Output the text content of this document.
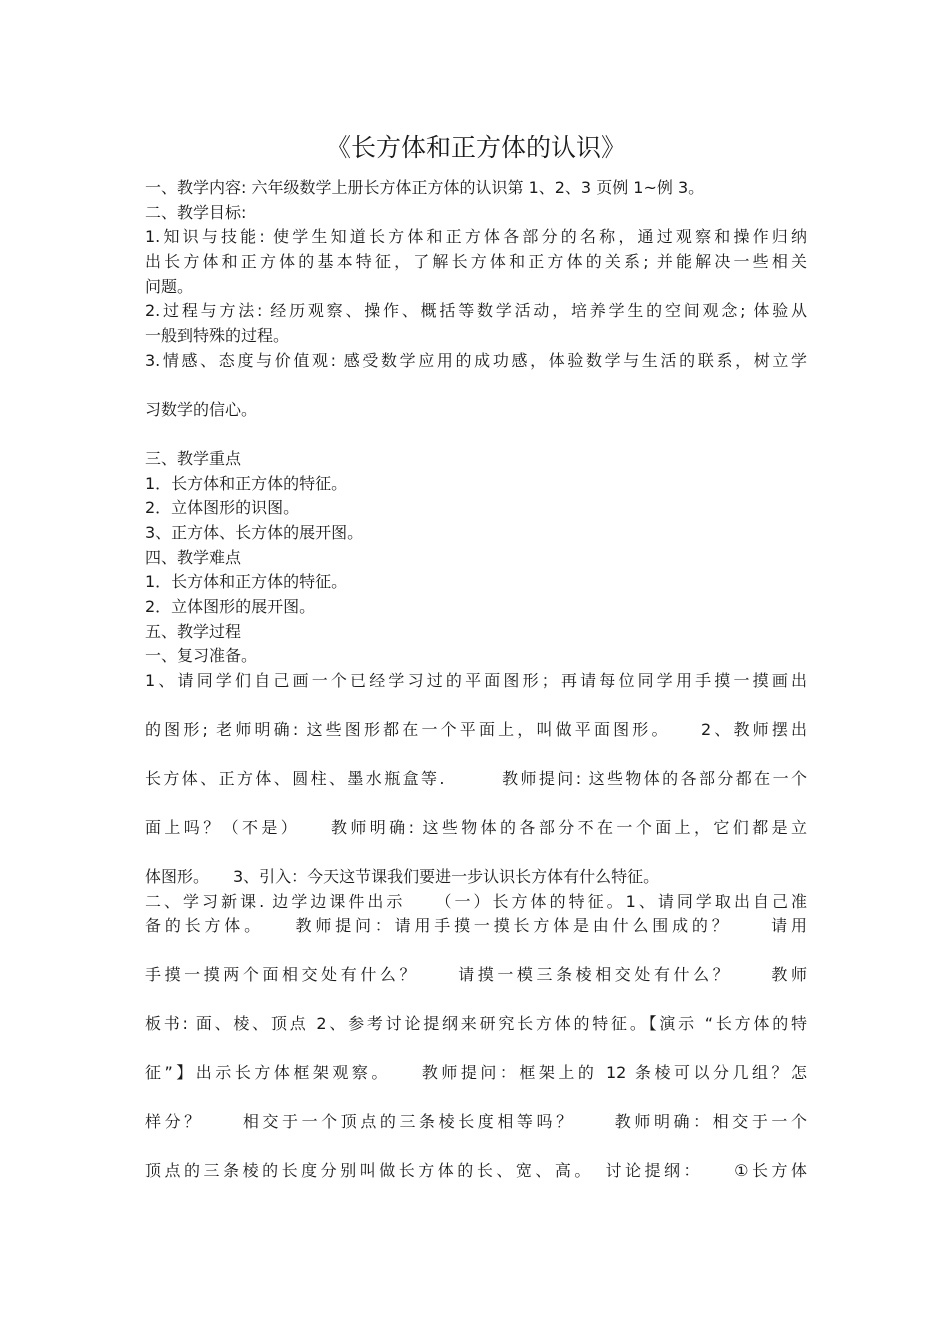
《长方体和正方体的认识》
一、教学内容: 六年级数学上册长方体正方体的认识第 1、2、3 页例 1~例 3。
二、教学目标:
1.知识与技能: 使学生知道长方体和正方体各部分的名称，通过观察和操作归纳
出长方体和正方体的基本特征，了解长方体和正方体的关系; 并能解决一些相关
问题。
2.过程与方法: 经历观察、操作、概括等数学活动，培养学生的空间观念; 体验从
一般到特殊的过程。
3.情感、态度与价值观: 感受数学应用的成功感，体验数学与生活的联系，树立学
习数学的信心。
三、教学重点
1．长方体和正方体的特征。
2．立体图形的识图。
3、正方体、长方体的展开图。
四、教学难点
1．长方体和正方体的特征。
2．立体图形的展开图。
五、教学过程
一、复习准备。
1、请同学们自己画一个已经学习过的平面图形；再请每位同学用手摸一摸画出
的图形; 老师明确: 这些图形都在一个平面上，叫做平面图形。　　2、教师摆出
长方体、正方体、圆柱、墨水瓶盒等.　　　教师提问: 这些物体的各部分都在一个
面上吗？（不是）　　教师明确: 这些物体的各部分不在一个面上，它们都是立
体图形。　　3、引入：今天这节课我们要进一步认识长方体有什么特征。
二、学习新课. 边学边课件出示　　（一）长方体的特征。1、请同学取出自己准
备的长方体。　　教师提问：请用手摸一摸长方体是由什么围成的？　　请用
手摸一摸两个面相交处有什么？　　请摸一模三条棱相交处有什么？　　教师
板书: 面、棱、顶点 2、参考讨论提纲来研究长方体的特征。【演示 “长方体的特
征”】出示长方体框架观察。　　教师提问：框架上的 12 条棱可以分几组？怎
样分？　　相交于一个顶点的三条棱长度相等吗？　　教师明确：相交于一个
顶点的三条棱的长度分别叫做长方体的长、宽、高。　讨论提纲：　　①长方体
